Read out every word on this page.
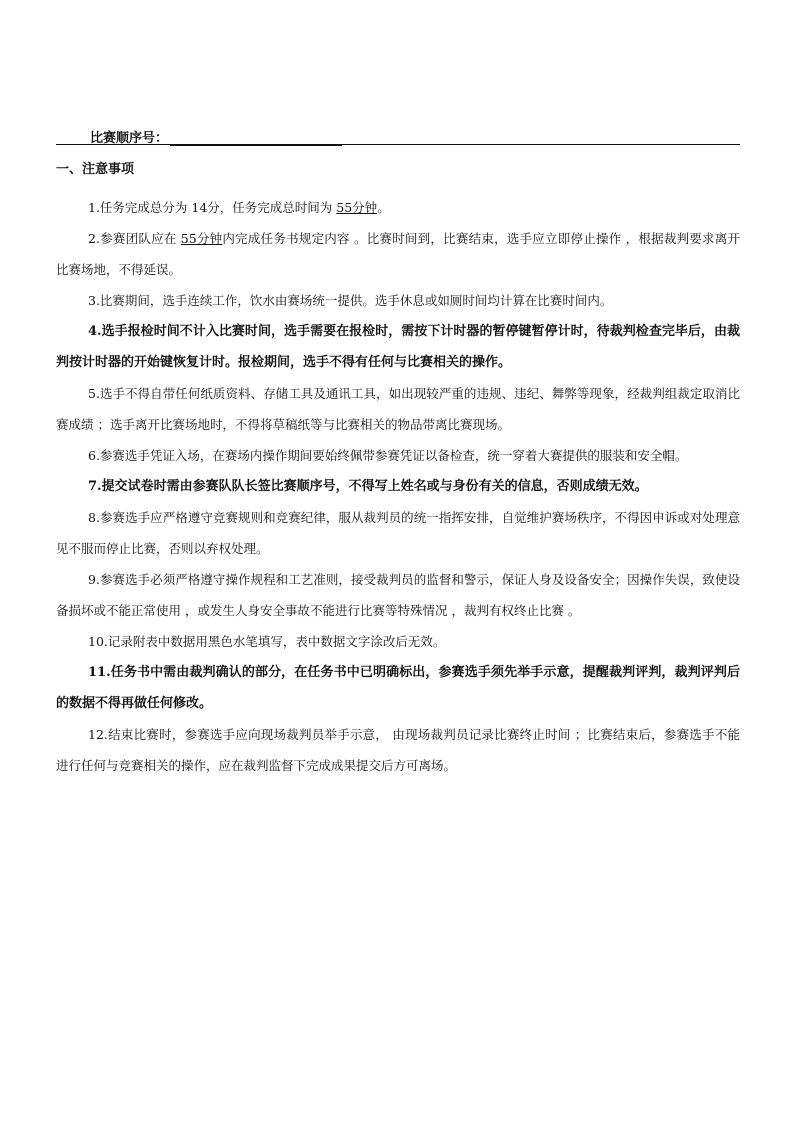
比赛顺序号：
一、注意事项
1.任务完成总分为 14分，任务完成总时间为 55分钟。
2.参赛团队应在 55分钟内完成任务书规定内容 。比赛时间到，比赛结束，选手应立即停止操作 ，根据裁判要求离开比赛场地，不得延误。
3.比赛期间，选手连续工作，饮水由赛场统一提供。选手休息或如厕时间均计算在比赛时间内。
4.选手报检时间不计入比赛时间，选手需要在报检时，需按下计时器的暂停键暂停计时，待裁判检查完毕后，由裁判按计时器的开始键恢复计时。报检期间，选手不得有任何与比赛相关的操作。
5.选手不得自带任何纸质资料、存储工具及通讯工具，如出现较严重的违规、违纪、舞弊等现象，经裁判组裁定取消比赛成绩 ；选手离开比赛场地时，不得将草稿纸等与比赛相关的物品带离比赛现场。
6.参赛选手凭证入场，在赛场内操作期间要始终佩带参赛凭证以备检查，统一穿着大赛提供的服装和安全帽。
7.提交试卷时需由参赛队队长签比赛顺序号，不得写上姓名或与身份有关的信息，否则成绩无效。
8.参赛选手应严格遵守竞赛规则和竞赛纪律，服从裁判员的统一指挥安排，自觉维护赛场秩序，不得因申诉或对处理意见不服而停止比赛，否则以弃权处理。
9.参赛选手必须严格遵守操作规程和工艺准则，接受裁判员的监督和警示，保证人身及设备安全；因操作失误，致使设备损坏或不能正常使用 ，或发生人身安全事故不能进行比赛等特殊情况 ，裁判有权终止比赛 。
10.记录附表中数据用黑色水笔填写，表中数据文字涂改后无效。
11.任务书中需由裁判确认的部分，在任务书中已明确标出，参赛选手须先举手示意，提醒裁判评判，裁判评判后的数据不得再做任何修改。
12.结束比赛时，参赛选手应向现场裁判员举手示意， 由现场裁判员记录比赛终止时间 ；比赛结束后，参赛选手不能进行任何与竞赛相关的操作，应在裁判监督下完成成果提交后方可离场。
